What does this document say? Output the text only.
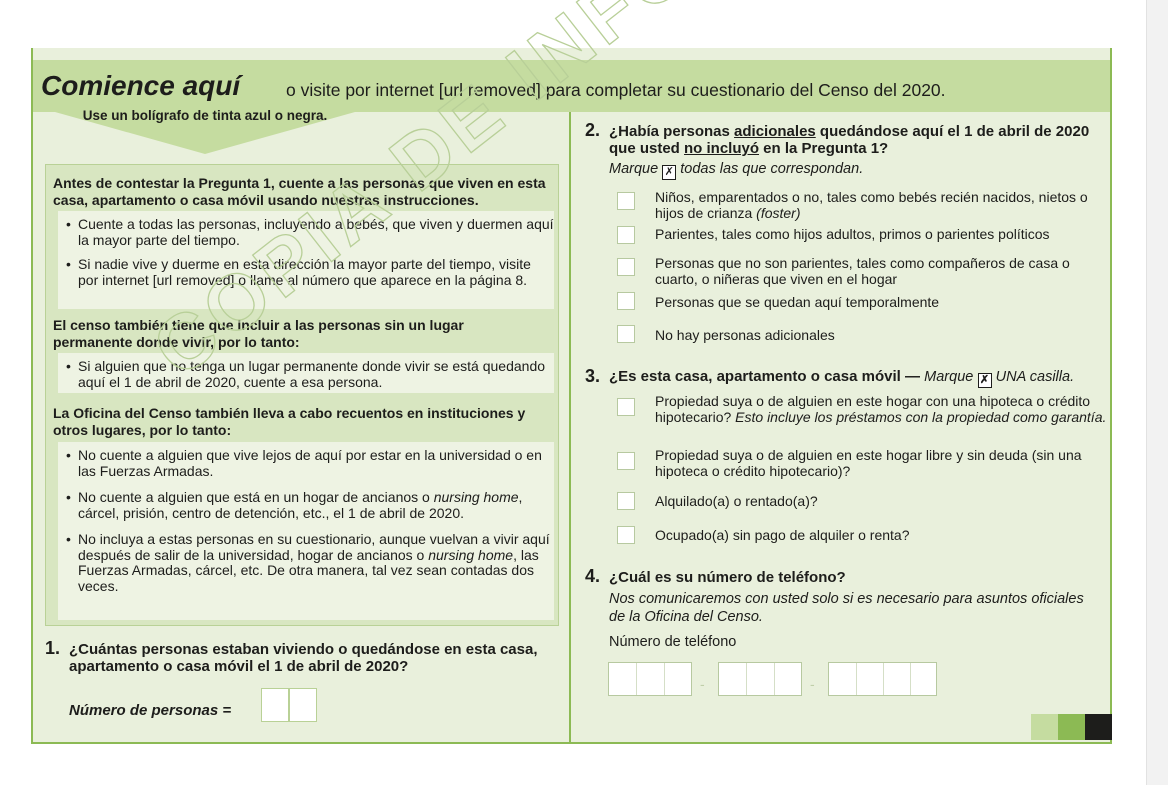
Comience aquí	o visite por internet [url removed] para completar su cuestionario del Censo del 2020.
Use un bolígrafo de tinta azul o negra.
Antes de contestar la Pregunta 1, cuente a las personas que viven en esta casa, apartamento o casa móvil usando nuestras instrucciones.
• Cuente a todas las personas, incluyendo a bebés, que viven y duermen aquí la mayor parte del tiempo.
• Si nadie vive y duerme en esta dirección la mayor parte del tiempo, visite por internet [url removed] o llame al número que aparece en la página 8.
El censo también tiene que incluir a las personas sin un lugar permanente donde vivir, por lo tanto:
• Si alguien que no tenga un lugar permanente donde vivir se está quedando aquí el 1 de abril de 2020, cuente a esa persona.
La Oficina del Censo también lleva a cabo recuentos en instituciones y otros lugares, por lo tanto:
• No cuente a alguien que vive lejos de aquí por estar en la universidad o en las Fuerzas Armadas.
• No cuente a alguien que está en un hogar de ancianos o nursing home, cárcel, prisión, centro de detención, etc., el 1 de abril de 2020.
• No incluya a estas personas en su cuestionario, aunque vuelvan a vivir aquí después de salir de la universidad, hogar de ancianos o nursing home, las Fuerzas Armadas, cárcel, etc. De otra manera, tal vez sean contadas dos veces.
1. ¿Cuántas personas estaban viviendo o quedándose en esta casa, apartamento o casa móvil el 1 de abril de 2020?
Número de personas =
2. ¿Había personas adicionales quedándose aquí el 1 de abril de 2020 que usted no incluyó en la Pregunta 1?
Marque ✗ todas las que correspondan.
Niños, emparentados o no, tales como bebés recién nacidos, nietos o hijos de crianza (foster)
Parientes, tales como hijos adultos, primos o parientes políticos
Personas que no son parientes, tales como compañeros de casa o cuarto, o niñeras que viven en el hogar
Personas que se quedan aquí temporalmente
No hay personas adicionales
3. ¿Es esta casa, apartamento o casa móvil — Marque ✗ UNA casilla.
Propiedad suya o de alguien en este hogar con una hipoteca o crédito hipotecario? Esto incluye los préstamos con la propiedad como garantía.
Propiedad suya o de alguien en este hogar libre y sin deuda (sin una hipoteca o crédito hipotecario)?
Alquilado(a) o rentado(a)?
Ocupado(a) sin pago de alquiler o renta?
4. ¿Cuál es su número de teléfono?
Nos comunicaremos con usted solo si es necesario para asuntos oficiales de la Oficina del Censo.
Número de teléfono
-	-
COPIA DE
